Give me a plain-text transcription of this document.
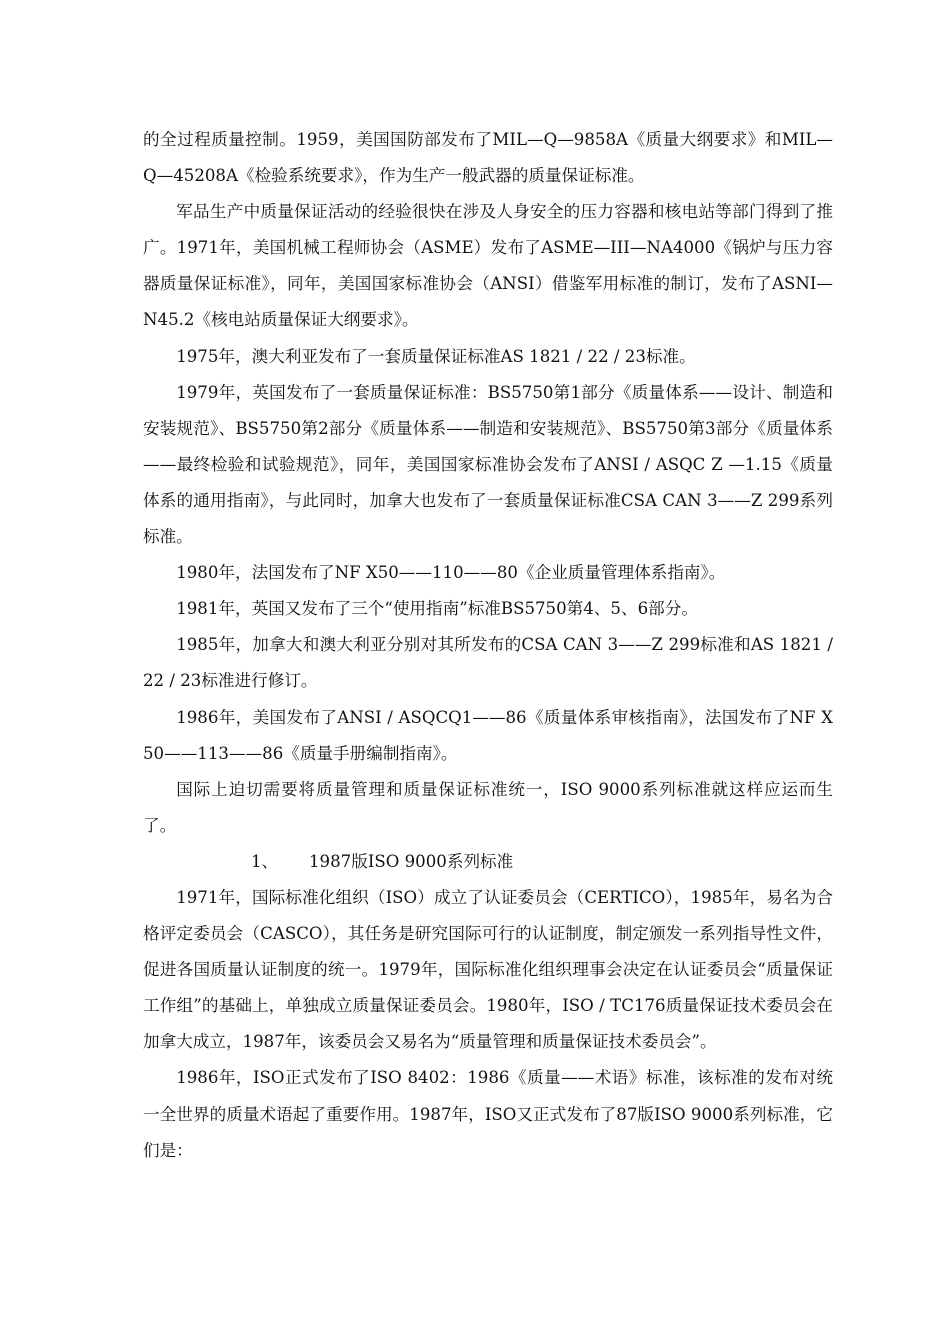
的全过程质量控制。1959，美国国防部发布了MIL—Q—9858A《质量大纲要求》和MIL—Q—45208A《检验系统要求》，作为生产一般武器的质量保证标准。

军品生产中质量保证活动的经验很快在涉及人身安全的压力容器和核电站等部门得到了推广。1971年，美国机械工程师协会（ASME）发布了ASME—III—NA4000《锅炉与压力容器质量保证标准》，同年，美国国家标准协会（ANSI）借鉴军用标准的制订，发布了ASNI—N45.2《核电站质量保证大纲要求》。

1975年，澳大利亚发布了一套质量保证标准AS 1821 / 22 / 23标准。

1979年，英国发布了一套质量保证标准：BS5750第1部分《质量体系——设计、制造和安装规范》、BS5750第2部分《质量体系——制造和安装规范》、BS5750第3部分《质量体系——最终检验和试验规范》，同年，美国国家标准协会发布了ANSI / ASQC Z —1.15《质量体系的通用指南》，与此同时，加拿大也发布了一套质量保证标准CSA CAN 3——Z 299系列标准。

1980年，法国发布了NF X50——110——80《企业质量管理体系指南》。

1981年，英国又发布了三个“使用指南”标准BS5750第4、5、6部分。

1985年，加拿大和澳大利亚分别对其所发布的CSA CAN 3——Z 299标准和AS 1821 / 22 / 23标准进行修订。

1986年，美国发布了ANSI / ASQCQ1——86《质量体系审核指南》，法国发布了NF X50——113——86《质量手册编制指南》。

国际上迫切需要将质量管理和质量保证标准统一，ISO 9000系列标准就这样应运而生了。

1、 1987版ISO 9000系列标准

1971年，国际标准化组织（ISO）成立了认证委员会（CERTICO），1985年，易名为合格评定委员会（CASCO），其任务是研究国际可行的认证制度，制定颁发一系列指导性文件，促进各国质量认证制度的统一。1979年，国际标准化组织理事会决定在认证委员会“质量保证工作组”的基础上，单独成立质量保证委员会。1980年，ISO / TC176质量保证技术委员会在加拿大成立，1987年，该委员会又易名为“质量管理和质量保证技术委员会”。

1986年，ISO正式发布了ISO 8402：1986《质量——术语》标准，该标准的发布对统一全世界的质量术语起了重要作用。1987年，ISO又正式发布了87版ISO 9000系列标准，它们是：
